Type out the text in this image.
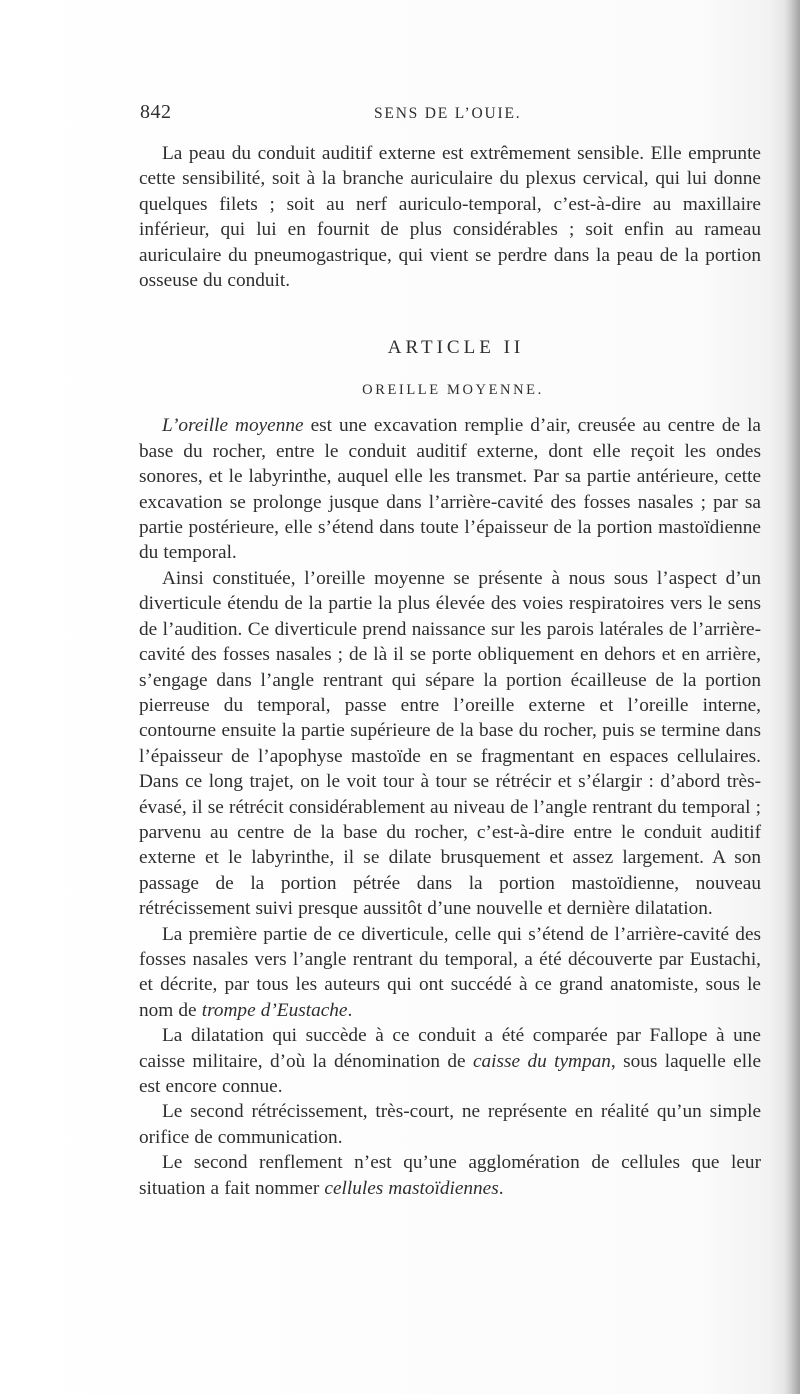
842	SENS DE L’OUIE.

La peau du conduit auditif externe est extrêmement sensible. Elle emprunte cette sensibilité, soit à la branche auriculaire du plexus cervical, qui lui donne quelques filets ; soit au nerf auriculo-temporal, c’est-à-dire au maxillaire inférieur, qui lui en fournit de plus considérables ; soit enfin au rameau auriculaire du pneumogastrique, qui vient se perdre dans la peau de la portion osseuse du conduit.

ARTICLE II
OREILLE MOYENNE.

L’oreille moyenne est une excavation remplie d’air, creusée au centre de la base du rocher, entre le conduit auditif externe, dont elle reçoit les ondes sonores, et le labyrinthe, auquel elle les transmet. Par sa partie antérieure, cette excavation se prolonge jusque dans l’arrière-cavité des fosses nasales ; par sa partie postérieure, elle s’étend dans toute l’épaisseur de la portion mastoïdienne du temporal.

Ainsi constituée, l’oreille moyenne se présente à nous sous l’aspect d’un diverticule étendu de la partie la plus élevée des voies respiratoires vers le sens de l’audition. Ce diverticule prend naissance sur les parois latérales de l’arrière-cavité des fosses nasales ; de là il se porte obliquement en dehors et en arrière, s’engage dans l’angle rentrant qui sépare la portion écailleuse de la portion pierreuse du temporal, passe entre l’oreille externe et l’oreille interne, contourne ensuite la partie supérieure de la base du rocher, puis se termine dans l’épaisseur de l’apophyse mastoïde en se fragmentant en espaces cellulaires. Dans ce long trajet, on le voit tour à tour se rétrécir et s’élargir : d’abord très-évasé, il se rétrécit considérablement au niveau de l’angle rentrant du temporal ; parvenu au centre de la base du rocher, c’est-à-dire entre le conduit auditif externe et le labyrinthe, il se dilate brusquement et assez largement. A son passage de la portion pétrée dans la portion mastoïdienne, nouveau rétrécissement suivi presque aussitôt d’une nouvelle et dernière dilatation.

La première partie de ce diverticule, celle qui s’étend de l’arrière-cavité des fosses nasales vers l’angle rentrant du temporal, a été découverte par Eustachi, et décrite, par tous les auteurs qui ont succédé à ce grand anatomiste, sous le nom de trompe d’Eustache.

La dilatation qui succède à ce conduit a été comparée par Fallope à une caisse militaire, d’où la dénomination de caisse du tympan, sous laquelle elle est encore connue.

Le second rétrécissement, très-court, ne représente en réalité qu’un simple orifice de communication.

Le second renflement n’est qu’une agglomération de cellules que leur situation a fait nommer cellules mastoïdiennes.
